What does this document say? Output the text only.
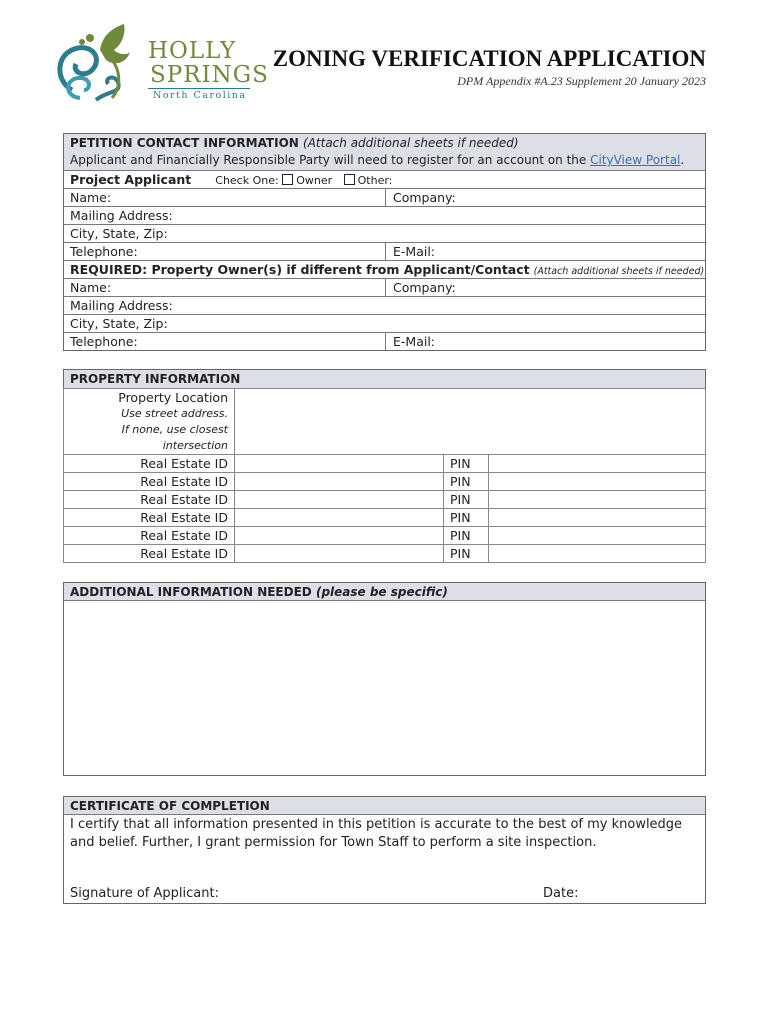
HOLLY
SPRINGS
North Carolina
ZONING VERIFICATION APPLICATION
DPM Appendix #A.23 Supplement 20 January 2023
PETITION CONTACT INFORMATION (Attach additional sheets if needed)
Applicant and Financially Responsible Party will need to register for an account on the CityView Portal.
Project Applicant Check One: Owner Other:
Name:	Company:
Mailing Address:
City, State, Zip:
Telephone:	E-Mail:
REQUIRED: Property Owner(s) if different from Applicant/Contact (Attach additional sheets if needed)
Name:	Company:
Mailing Address:
City, State, Zip:
Telephone:	E-Mail:
PROPERTY INFORMATION
Property Location
Use street address.
If none, use closest
intersection			

Real Estate ID		PIN	
Real Estate ID		PIN	
Real Estate ID		PIN	
Real Estate ID		PIN	
Real Estate ID		PIN	
Real Estate ID		PIN	
ADDITIONAL INFORMATION NEEDED (please be specific)
CERTIFICATE OF COMPLETION
I certify that all information presented in this petition is accurate to the best of my knowledge and belief. Further, I grant permission for Town Staff to perform a site inspection.
Signature of Applicant:	Date:
